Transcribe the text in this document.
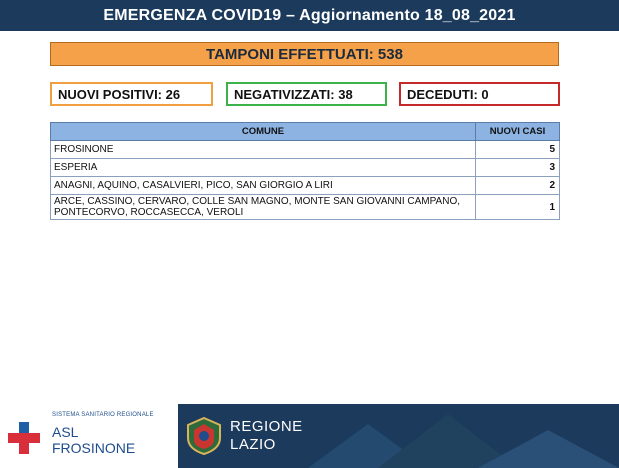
EMERGENZA COVID19 – Aggiornamento 18_08_2021
TAMPONI EFFETTUATI: 538
NUOVI POSITIVI: 26	NEGATIVIZZATI: 38	DECEDUTI: 0
COMUNE	NUOVI CASI
FROSINONE	5
ESPERIA	3
ANAGNI, AQUINO, CASALVIERI, PICO, SAN GIORGIO A LIRI	2
ARCE, CASSINO, CERVARO, COLLE SAN MAGNO, MONTE SAN GIOVANNI CAMPANO, PONTECORVO, ROCCASECCA, VEROLI	1
SISTEMA SANITARIO REGIONALE
ASL
FROSINONE
REGIONE
LAZIO
